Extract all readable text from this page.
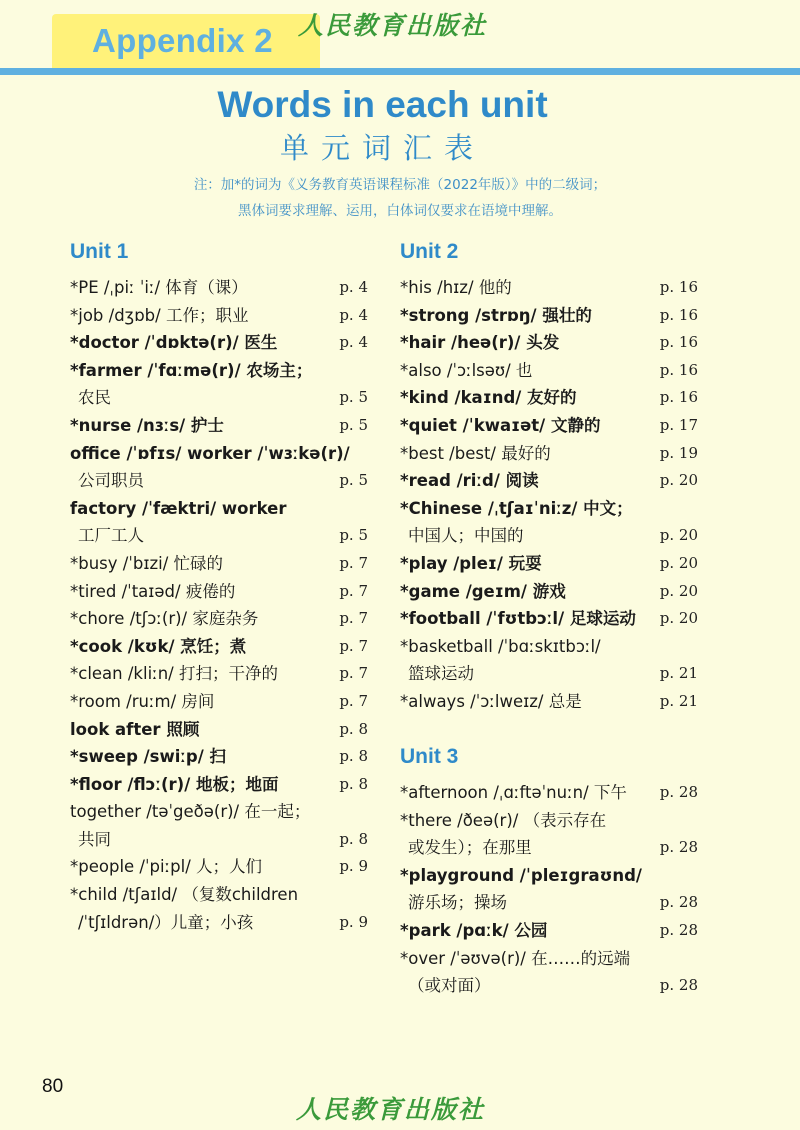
Appendix 2 人民教育出版社
Words in each unit
单元词汇表
注：加*的词为《义务教育英语课程标准（2022年版）》中的二级词；
黑体词要求理解、运用，白体词仅要求在语境中理解。
Unit 1
*PE /ˌpiː ˈiː/ 体育（课）	p. 4
*job /dʒɒb/ 工作；职业	p. 4
*doctor /ˈdɒktə(r)/ 医生	p. 4
*farmer /ˈfɑːmə(r)/ 农场主；
农民	p. 5
*nurse /nɜːs/ 护士	p. 5
office /ˈɒfɪs/ worker /ˈwɜːkə(r)/
公司职员	p. 5
factory /ˈfæktri/ worker
工厂工人	p. 5
*busy /ˈbɪzi/ 忙碌的	p. 7
*tired /ˈtaɪəd/ 疲倦的	p. 7
*chore /tʃɔː(r)/ 家庭杂务	p. 7
*cook /kʊk/ 烹饪；煮	p. 7
*clean /kliːn/ 打扫；干净的	p. 7
*room /ruːm/ 房间	p. 7
look after 照顾	p. 8
*sweep /swiːp/ 扫	p. 8
*floor /flɔː(r)/ 地板；地面	p. 8
together /təˈgeðə(r)/ 在一起；
共同	p. 8
*people /ˈpiːpl/ 人；人们	p. 9
*child /tʃaɪld/ （复数children
/ˈtʃɪldrən/）儿童；小孩	p. 9
Unit 2
*his /hɪz/ 他的	p. 16
*strong /strɒŋ/ 强壮的	p. 16
*hair /heə(r)/ 头发	p. 16
*also /ˈɔːlsəʊ/ 也	p. 16
*kind /kaɪnd/ 友好的	p. 16
*quiet /ˈkwaɪət/ 文静的	p. 17
*best /best/ 最好的	p. 19
*read /riːd/ 阅读	p. 20
*Chinese /ˌtʃaɪˈniːz/ 中文；
中国人；中国的	p. 20
*play /pleɪ/ 玩耍	p. 20
*game /geɪm/ 游戏	p. 20
*football /ˈfʊtbɔːl/ 足球运动 p. 20
*basketball /ˈbɑːskɪtbɔːl/
篮球运动	p. 21
*always /ˈɔːlweɪz/ 总是	p. 21
Unit 3
*afternoon /ˌɑːftəˈnuːn/ 下午 p. 28
*there /ðeə(r)/ （表示存在
或发生）；在那里	p. 28
*playground /ˈpleɪgraʊnd/
游乐场；操场	p. 28
*park /pɑːk/ 公园	p. 28
*over /ˈəʊvə(r)/ 在……的远端
（或对面）	p. 28
80
人民教育出版社
